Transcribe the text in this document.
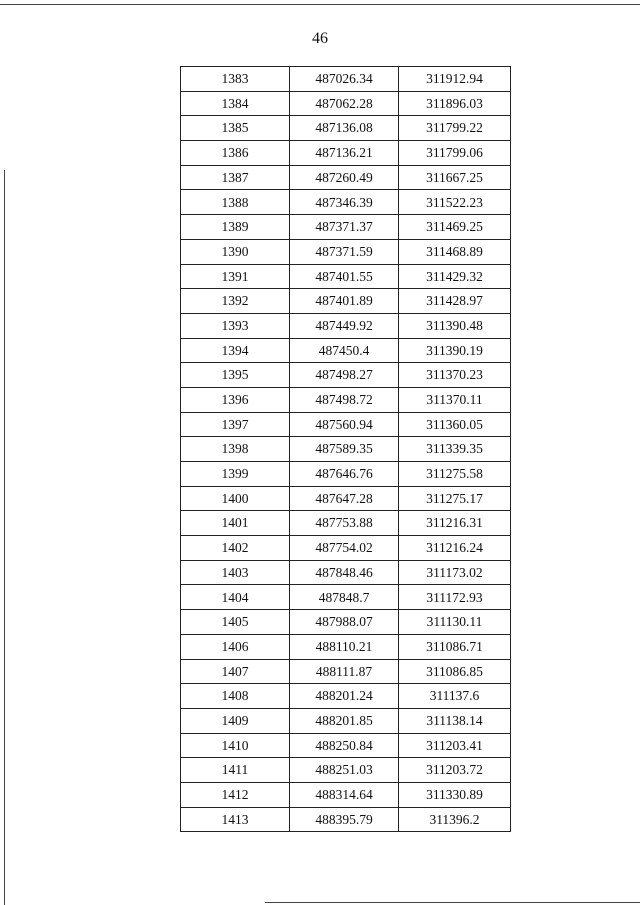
46
1383	487026.34	311912.94
1384	487062.28	311896.03
1385	487136.08	311799.22
1386	487136.21	311799.06
1387	487260.49	311667.25
1388	487346.39	311522.23
1389	487371.37	311469.25
1390	487371.59	311468.89
1391	487401.55	311429.32
1392	487401.89	311428.97
1393	487449.92	311390.48
1394	487450.4	311390.19
1395	487498.27	311370.23
1396	487498.72	311370.11
1397	487560.94	311360.05
1398	487589.35	311339.35
1399	487646.76	311275.58
1400	487647.28	311275.17
1401	487753.88	311216.31
1402	487754.02	311216.24
1403	487848.46	311173.02
1404	487848.7	311172.93
1405	487988.07	311130.11
1406	488110.21	311086.71
1407	488111.87	311086.85
1408	488201.24	311137.6
1409	488201.85	311138.14
1410	488250.84	311203.41
1411	488251.03	311203.72
1412	488314.64	311330.89
1413	488395.79	311396.2
